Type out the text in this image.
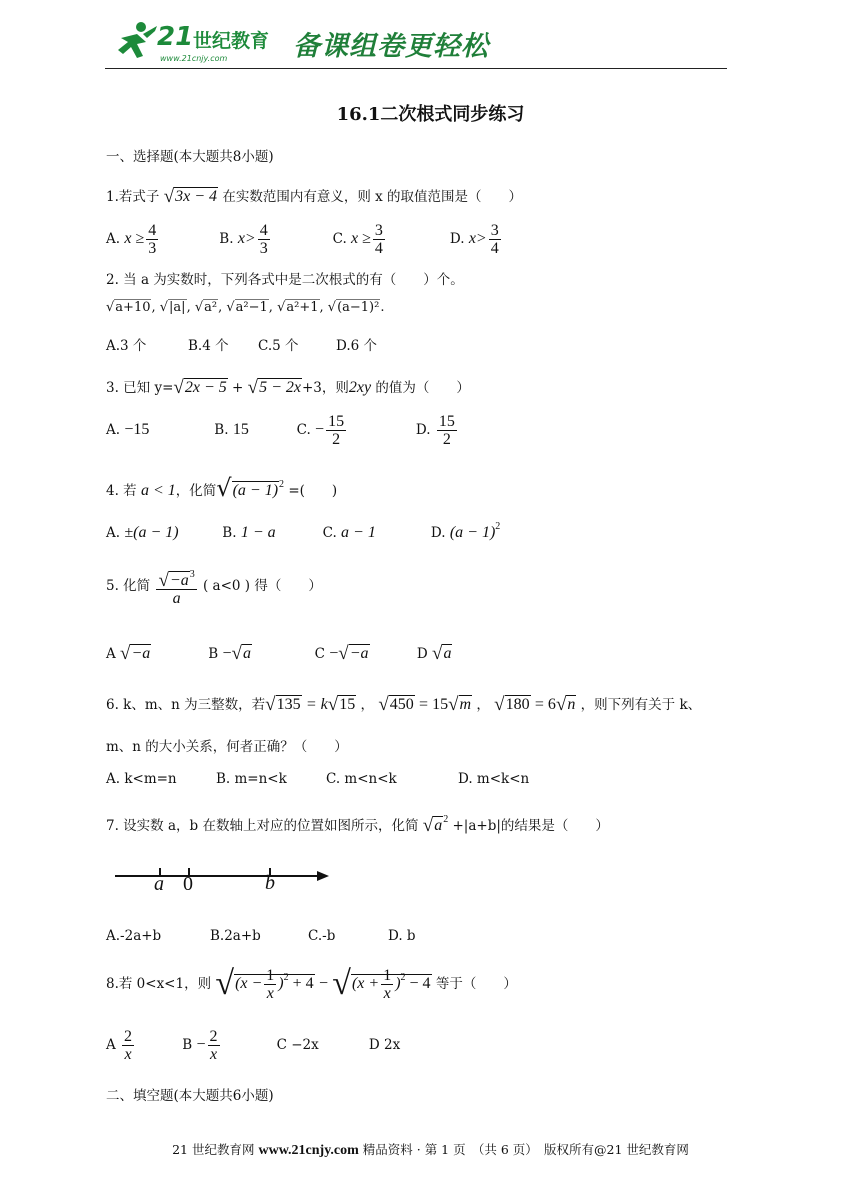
21 世纪教育
www.21cnjy.com 备课组卷更轻松
16.1二次根式同步练习
一、选择题(本大题共8小题)
1.若式子 √3x − 4 在实数范围内有意义，则 x 的取值范围是（　　）
A. $x \ge \frac{4}{3}$	B. $x> \frac{4}{3}$	C. $x \ge \frac{3}{4}$	D. $x> \frac{3}{4}$
2. 当 a 为实数时，下列各式中是二次根式的有（　　）个。
√a+10, √|a|, √a², √a²−1, √a²+1, √(a−1)².
A.3 个	B.4 个 C.5 个	D.6 个
3. 已知 y=√2x − 5 + √5 − 2x+3，则2xy 的值为（　　）
A. −15	B. 15	C. − $\frac{15}{2}$	D. $\frac{15}{2}$
4. 若 a < 1，化简$√(a - 1)^2$ =(　　)
A. ±(a − 1)	B. 1 − a	C. a − 1	D. $(a - 1)^2$
5. 化简 $\frac{√-a^3}{a}$ ( a<0 ) 得（　　）
A √−a	B −√a	C −√−a	D √a
6. k、m、n 为三整数，若√135 = k√15 ， √450 = 15√m ， √180 = 6√n ，则下列有关于 k、
m、n 的大小关系，何者正确？（　　）
A. k<m=n	B. m=n<k	C. m<n<k	D. m<k<n
7. 设实数 a，b 在数轴上对应的位置如图所示，化简 $√a^2 +|a+b|$的结果是（　　）
a 0	b
A.-2a+b	B.2a+b	C.-b	D. b
8.若 0<x<1，则 $√(x - \frac{1}{x} )^2 + 4 - √(x + \frac{1}{x} )^2 - 4$ 等于（　　）
A $\frac{2}{x}$	$B - \frac{2}{x}$	C −2x	D 2x
二、填空题(本大题共6小题)
21 世纪教育网 www.21cnjy.com 精品资料 · 第 1 页　（共 6 页）　版权所有@21 世纪教育网
